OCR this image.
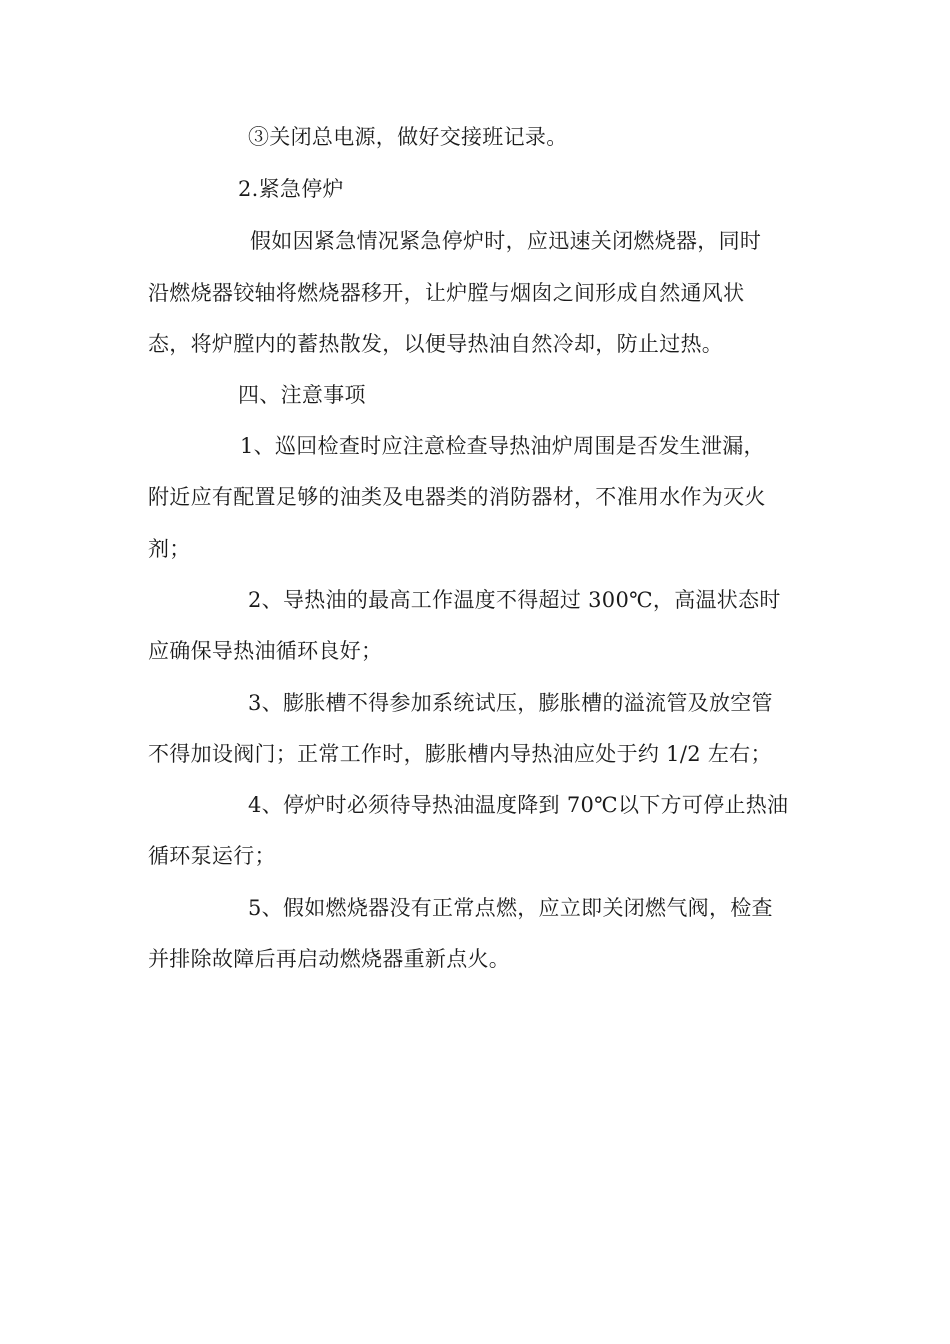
③关闭总电源，做好交接班记录。
2.紧急停炉
假如因紧急情况紧急停炉时，应迅速关闭燃烧器，同时
沿燃烧器铰轴将燃烧器移开，让炉膛与烟囱之间形成自然通风状
态，将炉膛内的蓄热散发，以便导热油自然冷却，防止过热。
四、注意事项
1、巡回检查时应注意检查导热油炉周围是否发生泄漏，
附近应有配置足够的油类及电器类的消防器材，不准用水作为灭火
剂；
2、导热油的最高工作温度不得超过 300℃，高温状态时
应确保导热油循环良好；
3、膨胀槽不得参加系统试压，膨胀槽的溢流管及放空管
不得加设阀门；正常工作时，膨胀槽内导热油应处于约 1/2 左右；
4、停炉时必须待导热油温度降到 70℃以下方可停止热油
循环泵运行；
5、假如燃烧器没有正常点燃，应立即关闭燃气阀，检查
并排除故障后再启动燃烧器重新点火。
